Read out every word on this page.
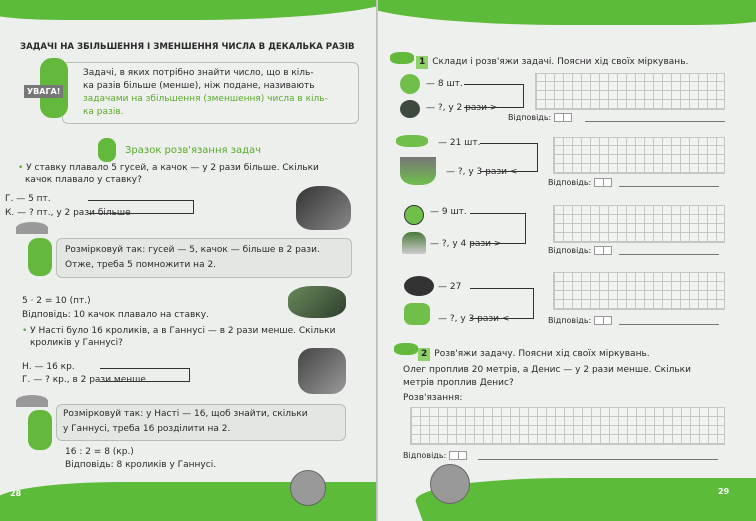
ЗАДАЧІ НА ЗБІЛЬШЕННЯ І ЗМЕНШЕННЯ ЧИСЛА В ДЕКАЛЬКА РАЗІВ
Задачі, в яких потрібно знайти число, що в кіль-
ка разів більше (менше), ніж подане, називають
задачами на збільшення (зменшення) числа в кіль-
ка разів.
УВАГА!
Зразок розв'язання задач
• У ставку плавало 5 гусей, а качок — у 2 рази більше. Скільки
качок плавало у ставку?
Г. — 5 пт.
К. — ? пт., у 2 рази більше
Розмірковуй так: гусей — 5, качок — більше в 2 рази.
Отже, треба 5 помножити на 2.
5 · 2 = 10 (пт.)
Відповідь: 10 качок плавало на ставку.
• У Насті було 16 кроликів, а в Ганнусі — в 2 рази менше. Скільки
кроликів у Ганнусі?
Н. — 16 кр.
Г. — ? кр., в 2 рази менше
Розмірковуй так: у Насті — 16, щоб знайти, скільки
у Ганнусі, треба 16 розділити на 2.
16 : 2 = 8 (кр.)
Відповідь: 8 кроликів у Ганнусі.
28
1 Склади і розв'яжи задачі. Поясни хід своїх міркувань.
— 8 шт.
— ?, у 2 рази >
Відповідь:
— 21 шт.
— ?, у 3 рази <
Відповідь:
— 9 шт.
— ?, у 4 рази >
Відповідь:
— 27
— ?, у 3 рази <	Відповідь:
2 Розв'яжи задачу. Поясни хід своїх міркувань.
Олег проплив 20 метрів, а Денис — у 2 рази менше. Скільки
метрів проплив Денис?
Розв'язання:
Відповідь:
29
